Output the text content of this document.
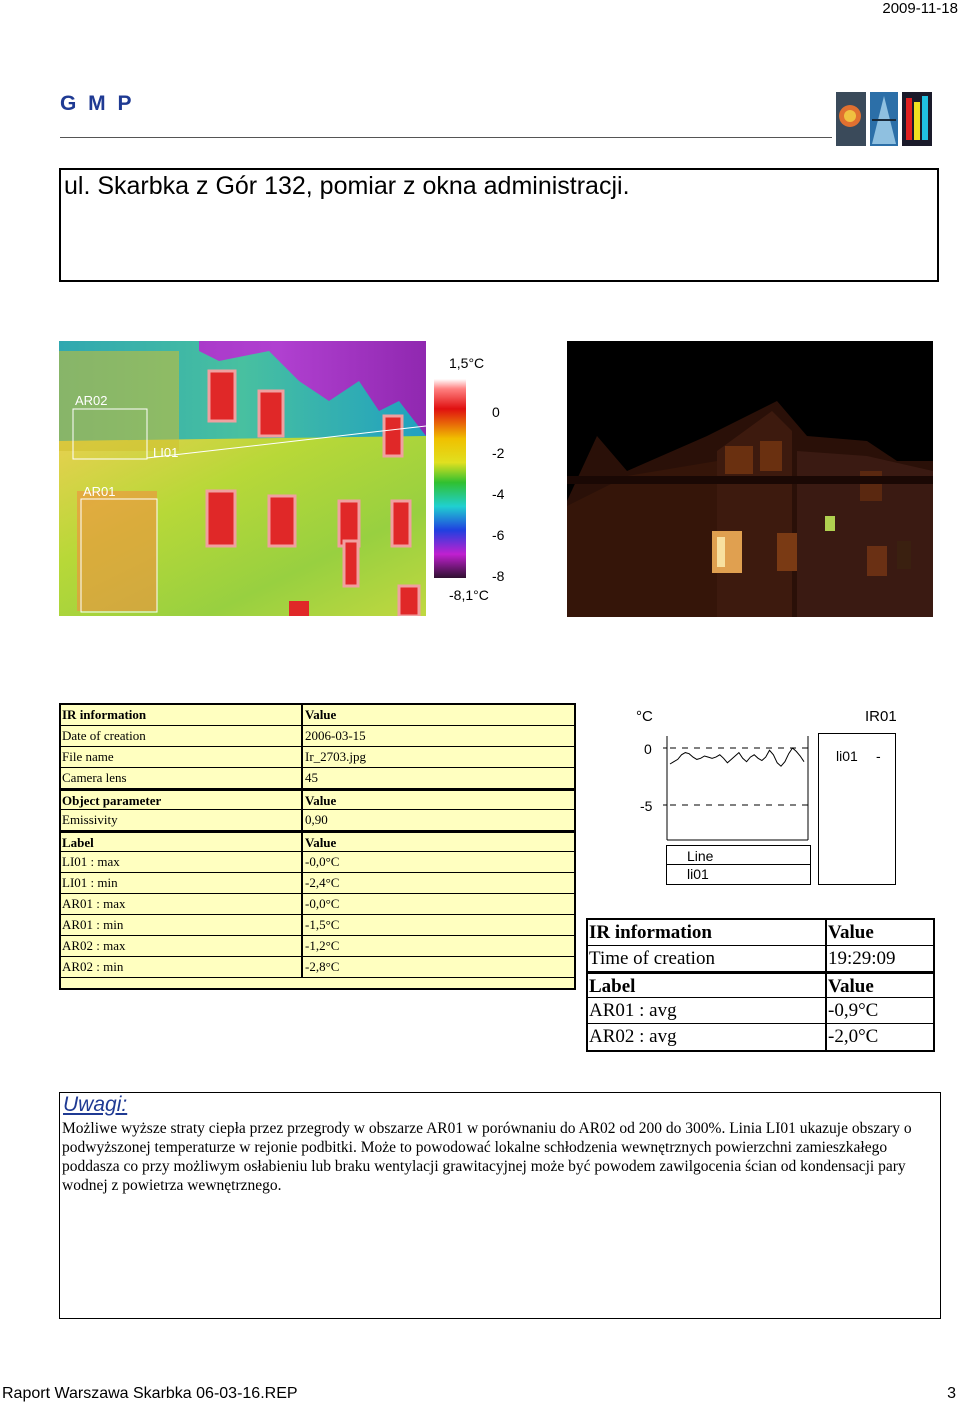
2009-11-18
G M P
ul. Skarbka z Gór 132, pomiar z okna administracji.
AR02
LI01
AR01
1,5°C
0
-2
-4
-6
-8
-8,1°C
IR information	Value
Date of creation	2006-03-15
File name	Ir_2703.jpg
Camera lens	45
Object parameter	Value
Emissivity	0,90
Label	Value
LI01 : max	-0,0°C
LI01 : min	-2,4°C
AR01 : max	-0,0°C
AR01 : min	-1,5°C
AR02 : max	-1,2°C
AR02 : min	-2,8°C
°C
0
-5
IR01
li01 -
Line
li01
IR information	Value
Time of creation	19:29:09
Label	Value
AR01 : avg	-0,9°C
AR02 : avg	-2,0°C
Uwagi:
Możliwe wyższe straty ciepła przez przegrody w obszarze AR01 w porównaniu do AR02 od 200 do 300%. Linia LI01 ukazuje obszary o podwyższonej temperaturze w rejonie podbitki. Może to powodować lokalne schłodzenia wewnętrznych powierzchni zamieszkałego poddasza co przy możliwym osłabieniu lub braku wentylacji grawitacyjnej może być powodem zawilgocenia ścian od kondensacji pary wodnej z powietrza wewnętrznego.
Raport Warszawa Skarbka 06-03-16.REP	3
